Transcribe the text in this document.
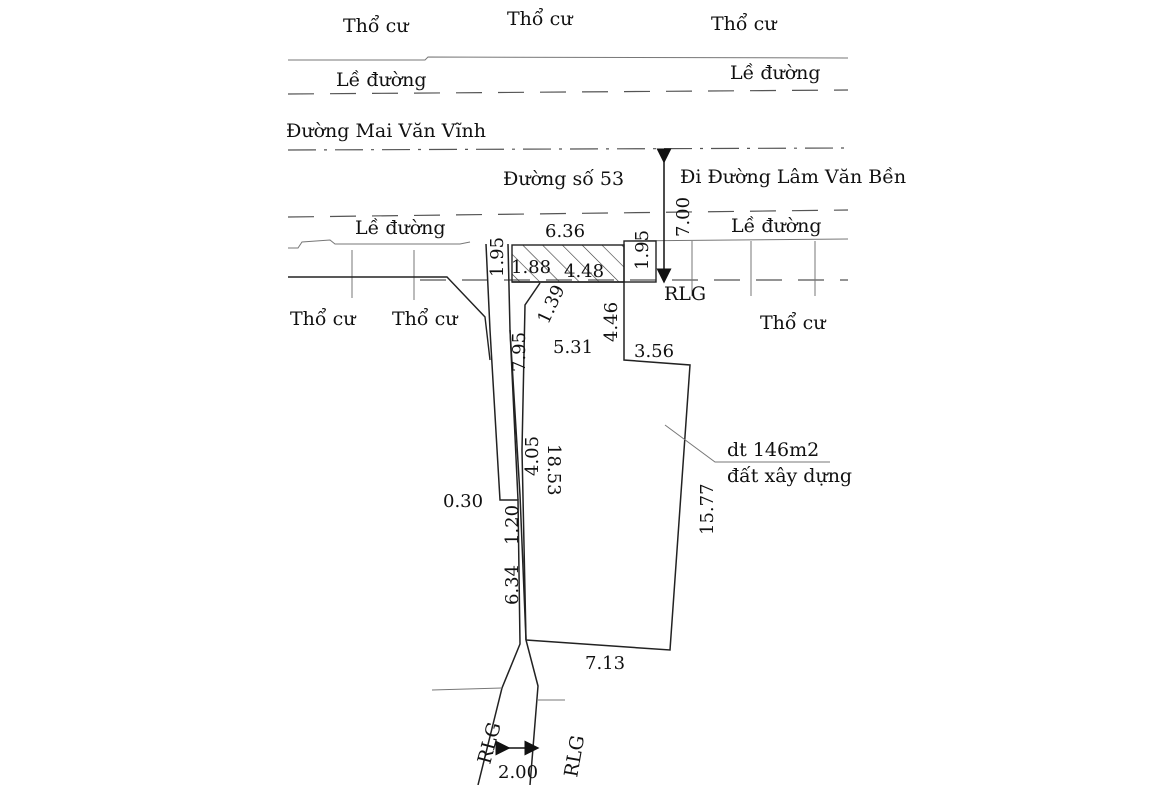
Thổ cư	Thổ cư	Thổ cư
Lề đường	Lề đường
Đường Mai Văn Vĩnh
Đường số 53	Đi Đường Lâm Văn Bền
Lề đường	Lề đường
RLG
Thổ cư Thổ cư	Thổ cư
dt 146m2
đất xây dựng
RLG	RLG
7.00
6.36
1.95	1.95
1.88 4.48
1.39 4.46
5.31 3.56
7.95
4.05 18.53
0.30
1.20
6.34
7.13
15.77
2.00
